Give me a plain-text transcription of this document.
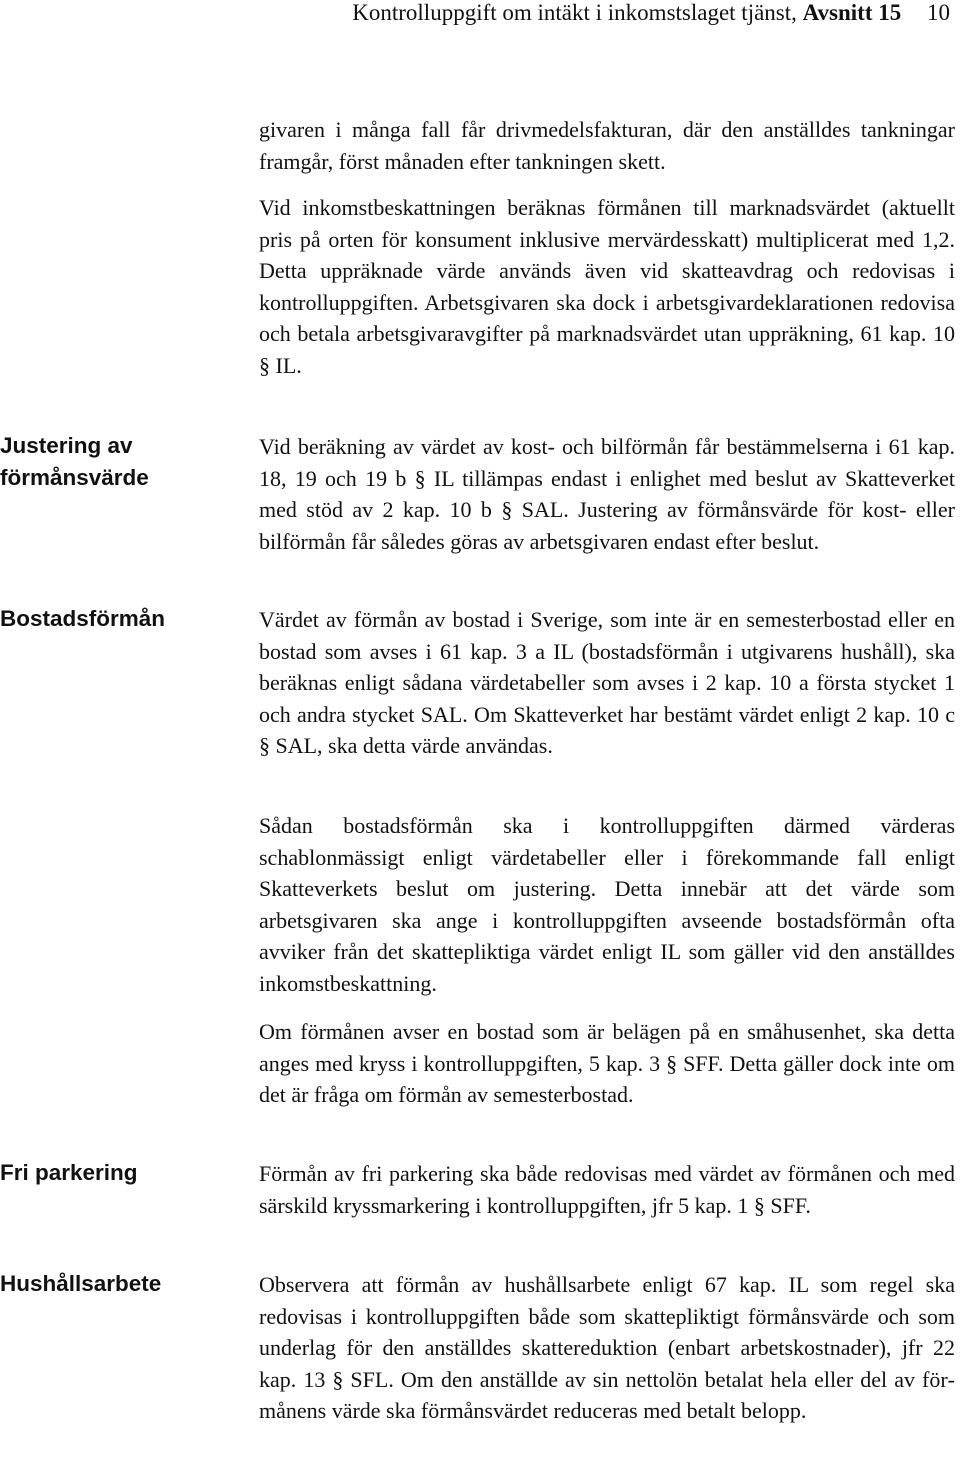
Kontrolluppgift om intäkt i inkomstslaget tjänst, Avsnitt 15 10
Justering av förmånsvärde
Bostadsförmån
Fri parkering
Hushållsarbete

givaren i många fall får drivmedelsfakturan, där den anställdes tankningar framgår, först månaden efter tankningen skett.

Vid inkomstbeskattningen beräknas förmånen till marknadsvärdet (aktuellt pris på orten för konsument inklusive mervärdesskatt) multiplicerat med 1,2. Detta uppräknade värde används även vid skatteavdrag och redovisas i kontrolluppgiften. Arbetsgivaren ska dock i arbetsgivardeklarationen redovisa och betala arbetsgivaravgifter på marknadsvärdet utan uppräkning, 61 kap. 10 § IL.

Vid beräkning av värdet av kost- och bilförmån får bestämmelserna i 61 kap. 18, 19 och 19 b § IL tillämpas endast i enlighet med beslut av Skatteverket med stöd av 2 kap. 10 b § SAL. Justering av förmånsvärde för kost- eller bilförmån får således göras av arbetsgivaren endast efter beslut.

Värdet av förmån av bostad i Sverige, som inte är en semesterbostad eller en bostad som avses i 61 kap. 3 a IL (bostadsförmån i utgivarens hushåll), ska beräknas enligt sådana värdetabeller som avses i 2 kap. 10 a första stycket 1 och andra stycket SAL. Om Skatteverket har bestämt värdet enligt 2 kap. 10 c § SAL, ska detta värde användas.

Sådan bostadsförmån ska i kontrolluppgiften därmed värderas schablonmässigt enligt värdetabeller eller i förekommande fall enligt Skatteverkets beslut om justering. Detta innebär att det värde som arbetsgivaren ska ange i kontrolluppgiften avseende bostadsförmån ofta avviker från det skattepliktiga värdet enligt IL som gäller vid den anställdes inkomstbeskattning.

Om förmånen avser en bostad som är belägen på en småhusenhet, ska detta anges med kryss i kontrolluppgiften, 5 kap. 3 § SFF. Detta gäller dock inte om det är fråga om förmån av semesterbostad.

Förmån av fri parkering ska både redovisas med värdet av förmånen och med särskild kryssmarkering i kontrolluppgiften, jfr 5 kap. 1 § SFF.

Observera att förmån av hushållsarbete enligt 67 kap. IL som regel ska redovisas i kontrolluppgiften både som skattepliktigt förmånsvärde och som underlag för den anställdes skattereduktion (enbart arbetskostnader), jfr 22 kap. 13 § SFL. Om den anställde av sin nettolön betalat hela eller del av förmånens värde ska förmånsvärdet reduceras med betalt belopp.
